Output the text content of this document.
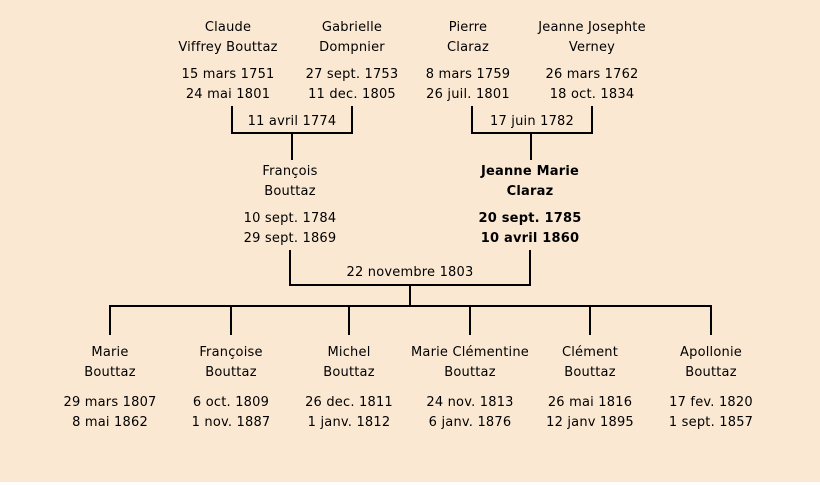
Claude
Viffrey Bouttaz
15 mars 1751
24 mai 1801
Gabrielle
Dompnier
27 sept. 1753
11 dec. 1805
Pierre
Claraz
8 mars 1759
26 juil. 1801
Jeanne Josephte
Verney
26 mars 1762
18 oct. 1834
11 avril 1774	17 juin 1782
François
Bouttaz
10 sept. 1784
29 sept. 1869
Jeanne Marie
Claraz
20 sept. 1785
10 avril 1860
22 novembre 1803
Marie
Bouttaz
29 mars 1807
8 mai 1862
Françoise
Bouttaz
6 oct. 1809
1 nov. 1887
Michel
Bouttaz
26 dec. 1811
1 janv. 1812
Marie Clémentine
Bouttaz
24 nov. 1813
6 janv. 1876
Clément
Bouttaz
26 mai 1816
12 janv 1895
Apollonie
Bouttaz
17 fev. 1820
1 sept. 1857
